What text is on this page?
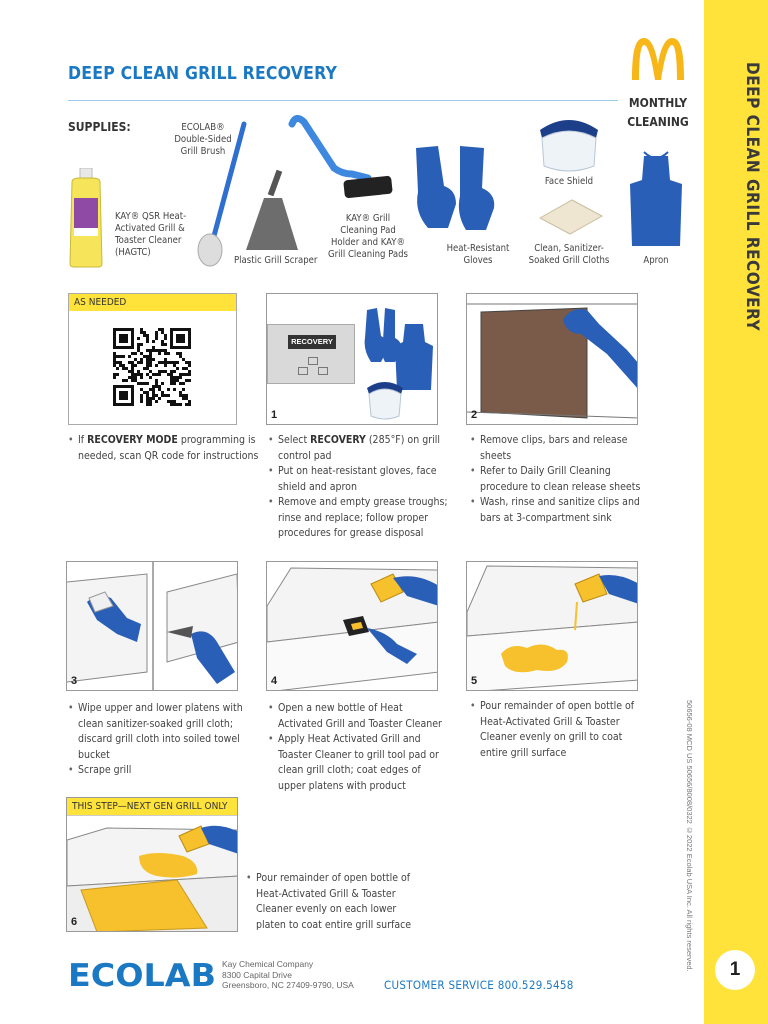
DEEP CLEAN GRILL RECOVERY
1
50656-08 MCD US 50656/8008/0322 ©2022 Ecolab USA Inc. All rights reserved.
DEEP CLEAN GRILL RECOVERY
MONTHLY CLEANING
SUPPLIES:
KAY® QSR Heat-Activated Grill & Toaster Cleaner (HAGTC)
ECOLAB® Double-Sided Grill Brush
Plastic Grill Scraper
KAY® Grill Cleaning Pad Holder and KAY® Grill Cleaning Pads
Heat-Resistant Gloves
Face Shield
Clean, Sanitizer-Soaked Grill Cloths	Apron
AS NEEDED
• If RECOVERY MODE programming is needed, scan QR code for instructions
RECOVERY
1
• Select RECOVERY (285°F) on grill control pad
• Put on heat-resistant gloves, face shield and apron
• Remove and empty grease troughs; rinse and replace; follow proper procedures for grease disposal
2
• Remove clips, bars and release sheets
• Refer to Daily Grill Cleaning procedure to clean release sheets
• Wash, rinse and sanitize clips and bars at 3-compartment sink
3
• Wipe upper and lower platens with clean sanitizer-soaked grill cloth; discard grill cloth into soiled towel bucket
• Scrape grill
4
• Open a new bottle of Heat Activated Grill and Toaster Cleaner
• Apply Heat Activated Grill and Toaster Cleaner to grill tool pad or clean grill cloth; coat edges of upper platens with product
5
• Pour remainder of open bottle of Heat-Activated Grill & Toaster Cleaner evenly on grill to coat entire grill surface
THIS STEP—NEXT GEN GRILL ONLY
6
• Pour remainder of open bottle of Heat-Activated Grill & Toaster Cleaner evenly on each lower platen to coat entire grill surface
ECOLAB Kay Chemical Company
8300 Capital Drive
Greensboro, NC 27409-9790, USA	CUSTOMER SERVICE 800.529.5458
